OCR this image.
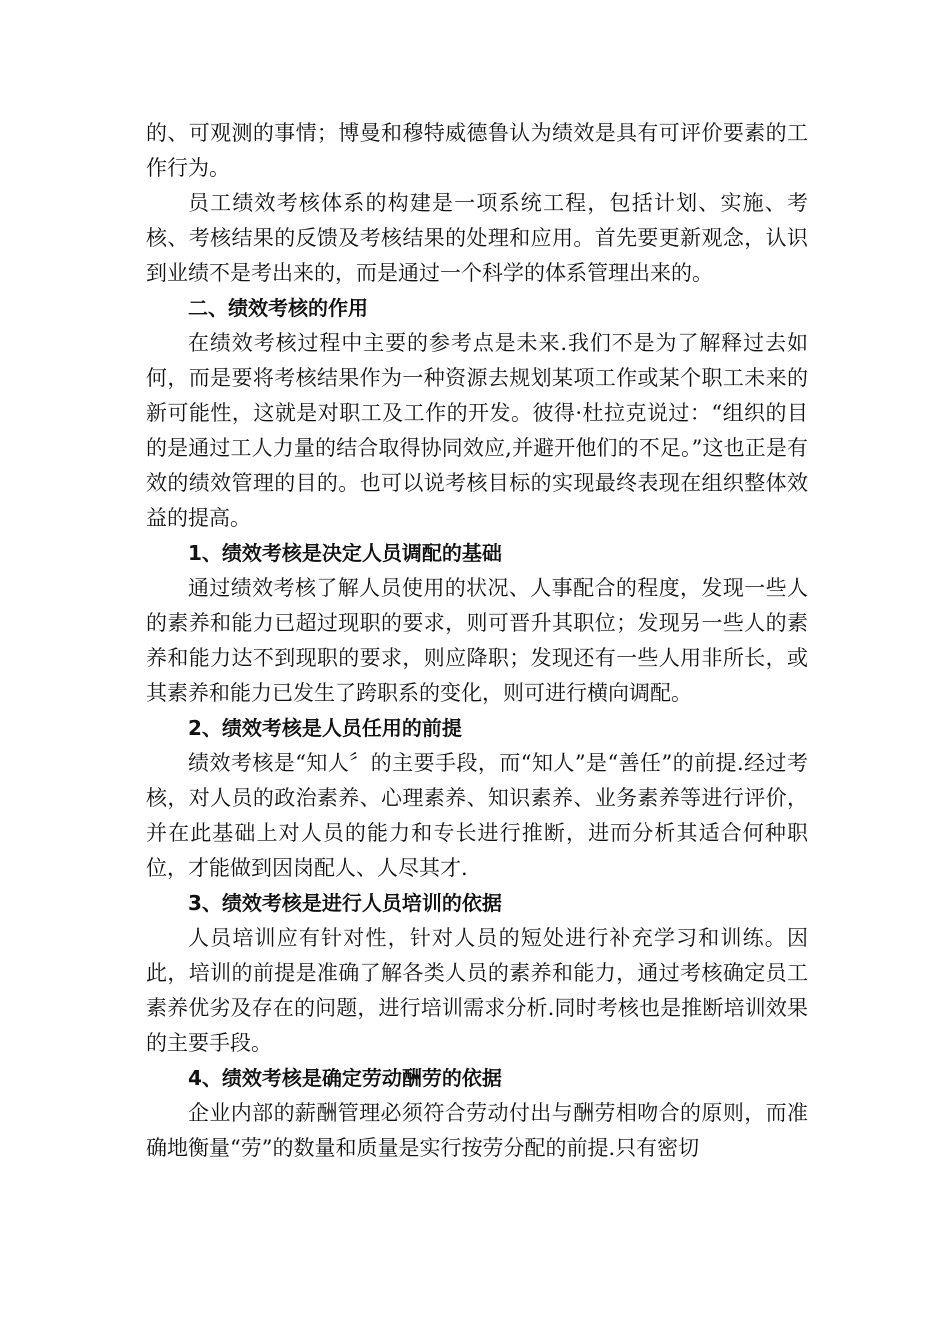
的、可观测的事情；博曼和穆特威德鲁认为绩效是具有可评价要素的工作行为。

员工绩效考核体系的构建是一项系统工程，包括计划、实施、考核、考核结果的反馈及考核结果的处理和应用。首先要更新观念，认识到业绩不是考出来的，而是通过一个科学的体系管理出来的。

二、绩效考核的作用

在绩效考核过程中主要的参考点是未来.我们不是为了解释过去如何，而是要将考核结果作为一种资源去规划某项工作或某个职工未来的新可能性，这就是对职工及工作的开发。彼得·杜拉克说过：“组织的目的是通过工人力量的结合取得协同效应,并避开他们的不足。”这也正是有效的绩效管理的目的。也可以说考核目标的实现最终表现在组织整体效益的提高。

1、绩效考核是决定人员调配的基础

通过绩效考核了解人员使用的状况、人事配合的程度，发现一些人的素养和能力已超过现职的要求，则可晋升其职位；发现另一些人的素养和能力达不到现职的要求，则应降职；发现还有一些人用非所长，或其素养和能力已发生了跨职系的变化，则可进行横向调配。

2、绩效考核是人员任用的前提

绩效考核是“知人〞的主要手段，而“知人”是“善任”的前提.经过考核，对人员的政治素养、心理素养、知识素养、业务素养等进行评价，并在此基础上对人员的能力和专长进行推断，进而分析其适合何种职位，才能做到因岗配人、人尽其才.

3、绩效考核是进行人员培训的依据

人员培训应有针对性，针对人员的短处进行补充学习和训练。因此，培训的前提是准确了解各类人员的素养和能力，通过考核确定员工素养优劣及存在的问题，进行培训需求分析.同时考核也是推断培训效果的主要手段。

4、绩效考核是确定劳动酬劳的依据

企业内部的薪酬管理必须符合劳动付出与酬劳相吻合的原则，而准确地衡量“劳”的数量和质量是实行按劳分配的前提.只有密切
